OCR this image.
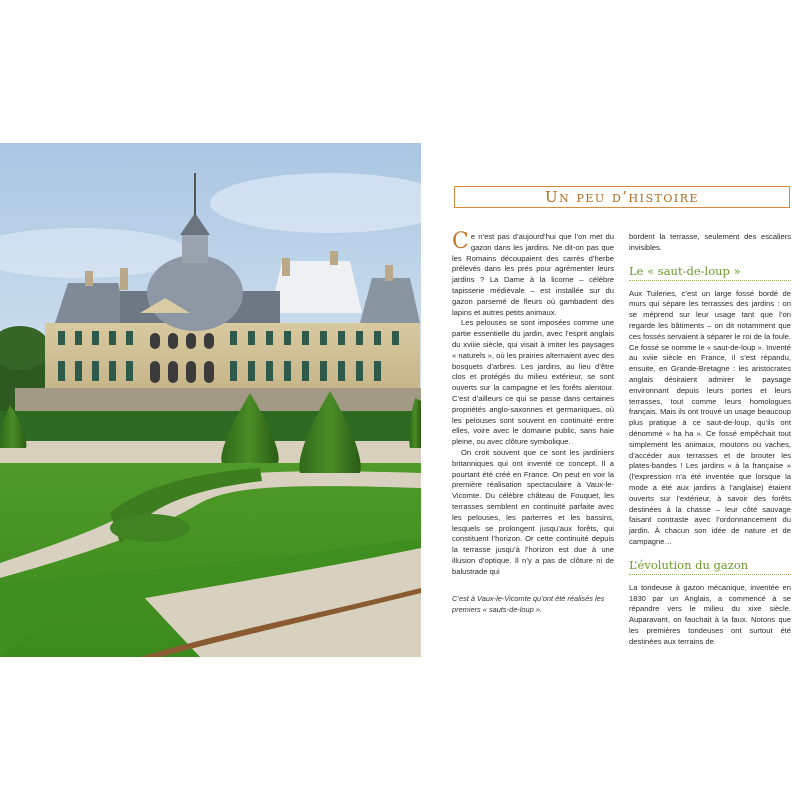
Un peu d’histoire

Ce n’est pas d’aujourd’hui que l’on met du gazon dans les jardins. Ne dit-on pas que les Romains découpaient des carrés d’herbe prélevés dans les prés pour agrémenter leurs jardins ? La Dame à la licorne – célèbre tapisserie médiévale – est installée sur du gazon parsemé de fleurs où gambadent des lapins et autres petits animaux.

Les pelouses se sont imposées comme une partie essentielle du jardin, avec l’esprit anglais du xviiie siècle, qui visait à imiter les paysages « naturels », où les prairies alternaient avec des bosquets d’arbres. Les jardins, au lieu d’être clos et protégés du milieu extérieur, se sont ouverts sur la campagne et les forêts alentour. C’est d’ailleurs ce qui se passe dans certaines propriétés anglo-saxonnes et germaniques, où les pelouses sont souvent en continuité entre elles, voire avec le domaine public, sans haie pleine, ou avec clôture symbolique.

On croit souvent que ce sont les jardiniers britanniques qui ont inventé ce concept. Il a pourtant été créé en France. On peut en voir la première réalisation spectaculaire à Vaux-le-Vicomte. Du célèbre château de Fouquet, les terrasses semblent en continuité parfaite avec les pelouses, les parterres et les bassins, lesquels se prolongent jusqu’aux forêts, qui constituent l’horizon. Or cette continuité depuis la terrasse jusqu’à l’horizon est due à une illusion d’optique. Il n’y a pas de clôture ni de balustrade qui

bordent la terrasse, seulement des escaliers invisibles.

Le « saut-de-loup »

Aux Tuileries, c’est un large fossé bordé de murs qui sépare les terrasses des jardins : on se méprend sur leur usage tant que l’on regarde les bâtiments – on dit notamment que ces fossés servaient à séparer le roi de la foule. Ce fossé se nomme le « saut-de-loup ». Inventé au xviie siècle en France, il s’est répandu, ensuite, en Grande-Bretagne : les aristocrates anglais désiraient admirer le paysage environnant depuis leurs portes et leurs terrasses, tout comme leurs homologues français. Mais ils ont trouvé un usage beaucoup plus pratique à ce saut-de-loup, qu’ils ont dénommé « ha ha ». Ce fossé empêchait tout simplement les animaux, moutons ou vaches, d’accéder aux terrasses et de brouter les plates-bandes ! Les jardins « à la française » (l’expression n’a été inventée que lorsque la mode a été aux jardins à l’anglaise) étaient ouverts sur l’extérieur, à savoir des forêts destinées à la chasse – leur côté sauvage faisant contraste avec l’ordonnancement du jardin. À chacun son idée de nature et de campagne…

L’évolution du gazon

La tondeuse à gazon mécanique, inventée en 1830 par un Anglais, a commencé à se répandre vers le milieu du xixe siècle. Auparavant, on fauchait à la faux. Notons que les premières tondeuses ont surtout été destinées aux terrains de

C’est à Vaux-le-Vicomte qu’ont été réalisés les premiers « sauts-de-loup ».
